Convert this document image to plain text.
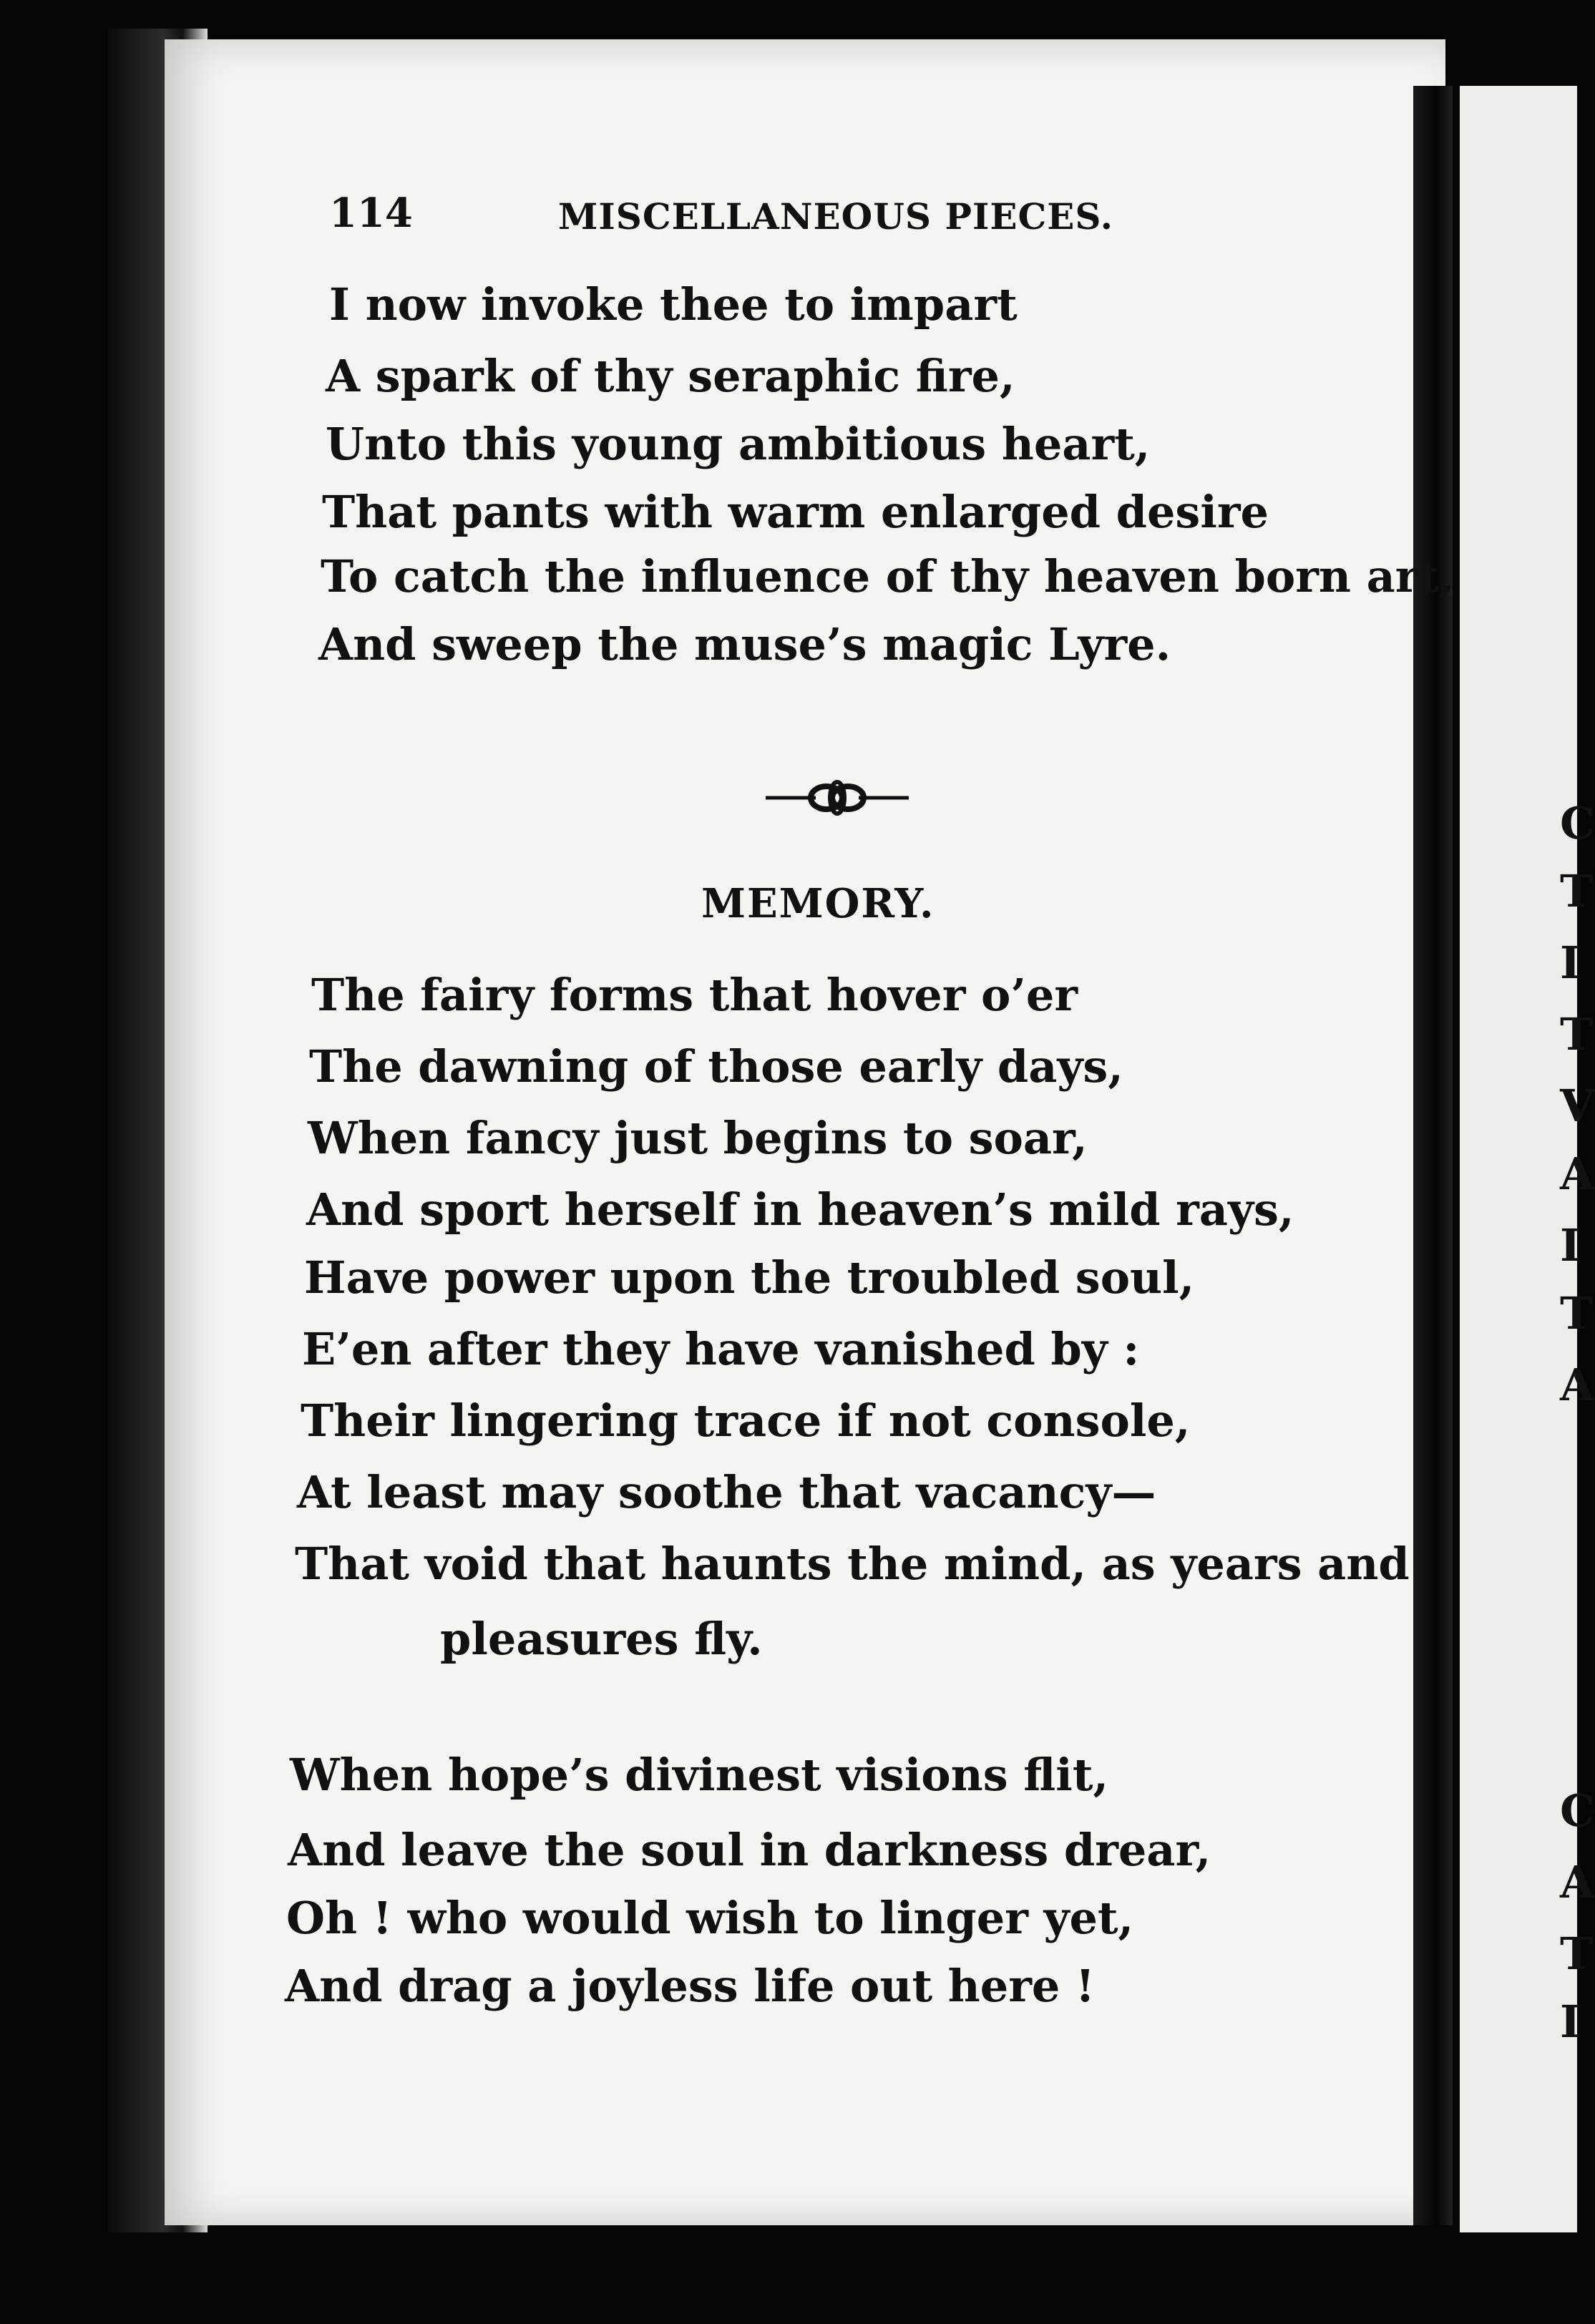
C
T
I
T
V
A
I
T
A
C
A
T
I
114	MISCELLANEOUS PIECES.
I now invoke thee to impart
A spark of thy seraphic fire,
Unto this young ambitious heart,
That pants with warm enlarged desire
To catch the influence of thy heaven born art,
And sweep the muse’s magic Lyre.
MEMORY.
The fairy forms that hover o’er
The dawning of those early days,
When fancy just begins to soar,
And sport herself in heaven’s mild rays,
Have power upon the troubled soul,
E’en after they have vanished by :
Their lingering trace if not console,
At least may soothe that vacancy—
That void that haunts the mind, as years and
pleasures fly.
When hope’s divinest visions flit,
And leave the soul in darkness drear,
Oh ! who would wish to linger yet,
And drag a joyless life out here !
